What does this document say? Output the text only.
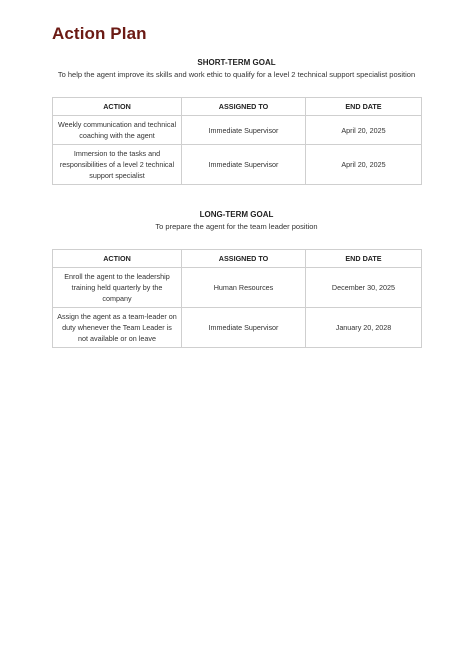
Action Plan

SHORT-TERM GOAL

To help the agent improve its skills and work ethic to qualify for a level 2 technical support specialist position

ACTION	ASSIGNED TO	END DATE
Weekly communication and technical coaching with the agent	Immediate Supervisor	April 20, 2025
Immersion to the tasks and responsibilities of a level 2 technical support specialist	Immediate Supervisor	April 20, 2025

LONG-TERM GOAL

To prepare the agent for the team leader position

ACTION	ASSIGNED TO	END DATE
Enroll the agent to the leadership training held quarterly by the company	Human Resources	December 30, 2025
Assign the agent as a team-leader on duty whenever the Team Leader is not available or on leave	Immediate Supervisor	January 20, 2028
